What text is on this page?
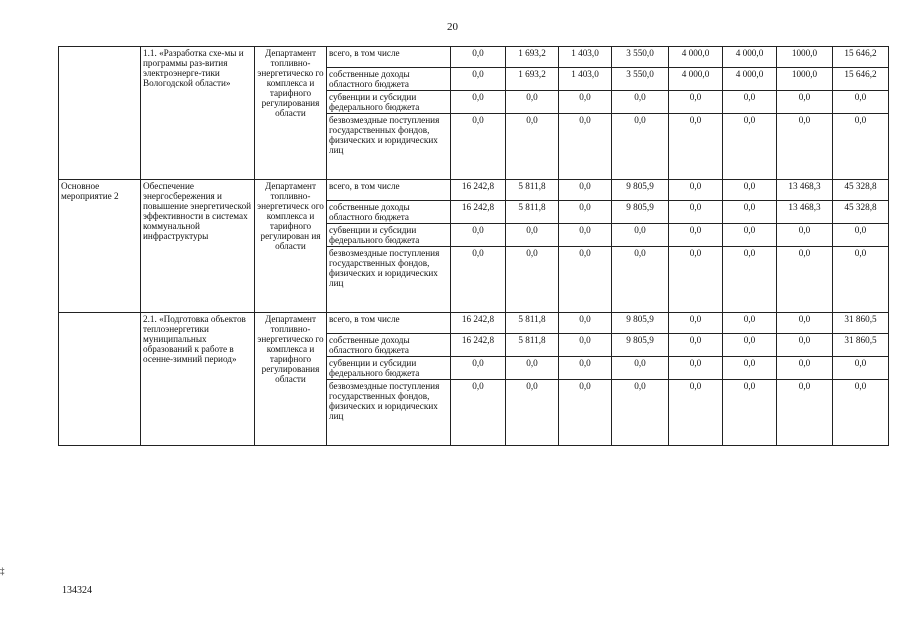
20
	1.1. «Разработка схе-мы и программы раз-вития электроэнерге-тики Вологодской области»	Департамент топливно-энергетическо го комплекса и тарифного регулирования области	всего, в том числе	0,0	1 693,2	1 403,0	3 550,0	4 000,0	4 000,0	1000,0	15 646,2
			собственные доходы областного бюджета	0,0	1 693,2	1 403,0	3 550,0	4 000,0	4 000,0	1000,0	15 646,2
			субвенции и субсидии федерального бюджета	0,0	0,0	0,0	0,0	0,0	0,0	0,0	0,0
			безвозмездные поступления государственных фондов, физических и юридических лиц	0,0	0,0	0,0	0,0	0,0	0,0	0,0	0,0
Основное мероприятие 2	Обеспечение энергосбережения и повышение энергетической эффективности в системах коммунальной инфраструктуры	Департамент топливно-энергетическ ого комплекса и тарифного регулирован ия области	всего, в том числе	16 242,8	5 811,8	0,0	9 805,9	0,0	0,0	13 468,3	45 328,8
			собственные доходы областного бюджета	16 242,8	5 811,8	0,0	9 805,9	0,0	0,0	13 468,3	45 328,8
			субвенции и субсидии федерального бюджета	0,0	0,0	0,0	0,0	0,0	0,0	0,0	0,0
			безвозмездные поступления государственных фондов, физических и юридических лиц	0,0	0,0	0,0	0,0	0,0	0,0	0,0	0,0
	2.1. «Подготовка объектов теплоэнергетики муниципальных образований к работе в осенне-зимний период»	Департамент топливно-энергетическо го комплекса и тарифного регулирования области	всего, в том числе	16 242,8	5 811,8	0,0	9 805,9	0,0	0,0	0,0	31 860,5
			собственные доходы областного бюджета	16 242,8	5 811,8	0,0	9 805,9	0,0	0,0	0,0	31 860,5
			субвенции и субсидии федерального бюджета	0,0	0,0	0,0	0,0	0,0	0,0	0,0	0,0
			безвозмездные поступления государственных фондов, физических и юридических лиц	0,0	0,0	0,0	0,0	0,0	0,0	0,0	0,0
‡
134324
